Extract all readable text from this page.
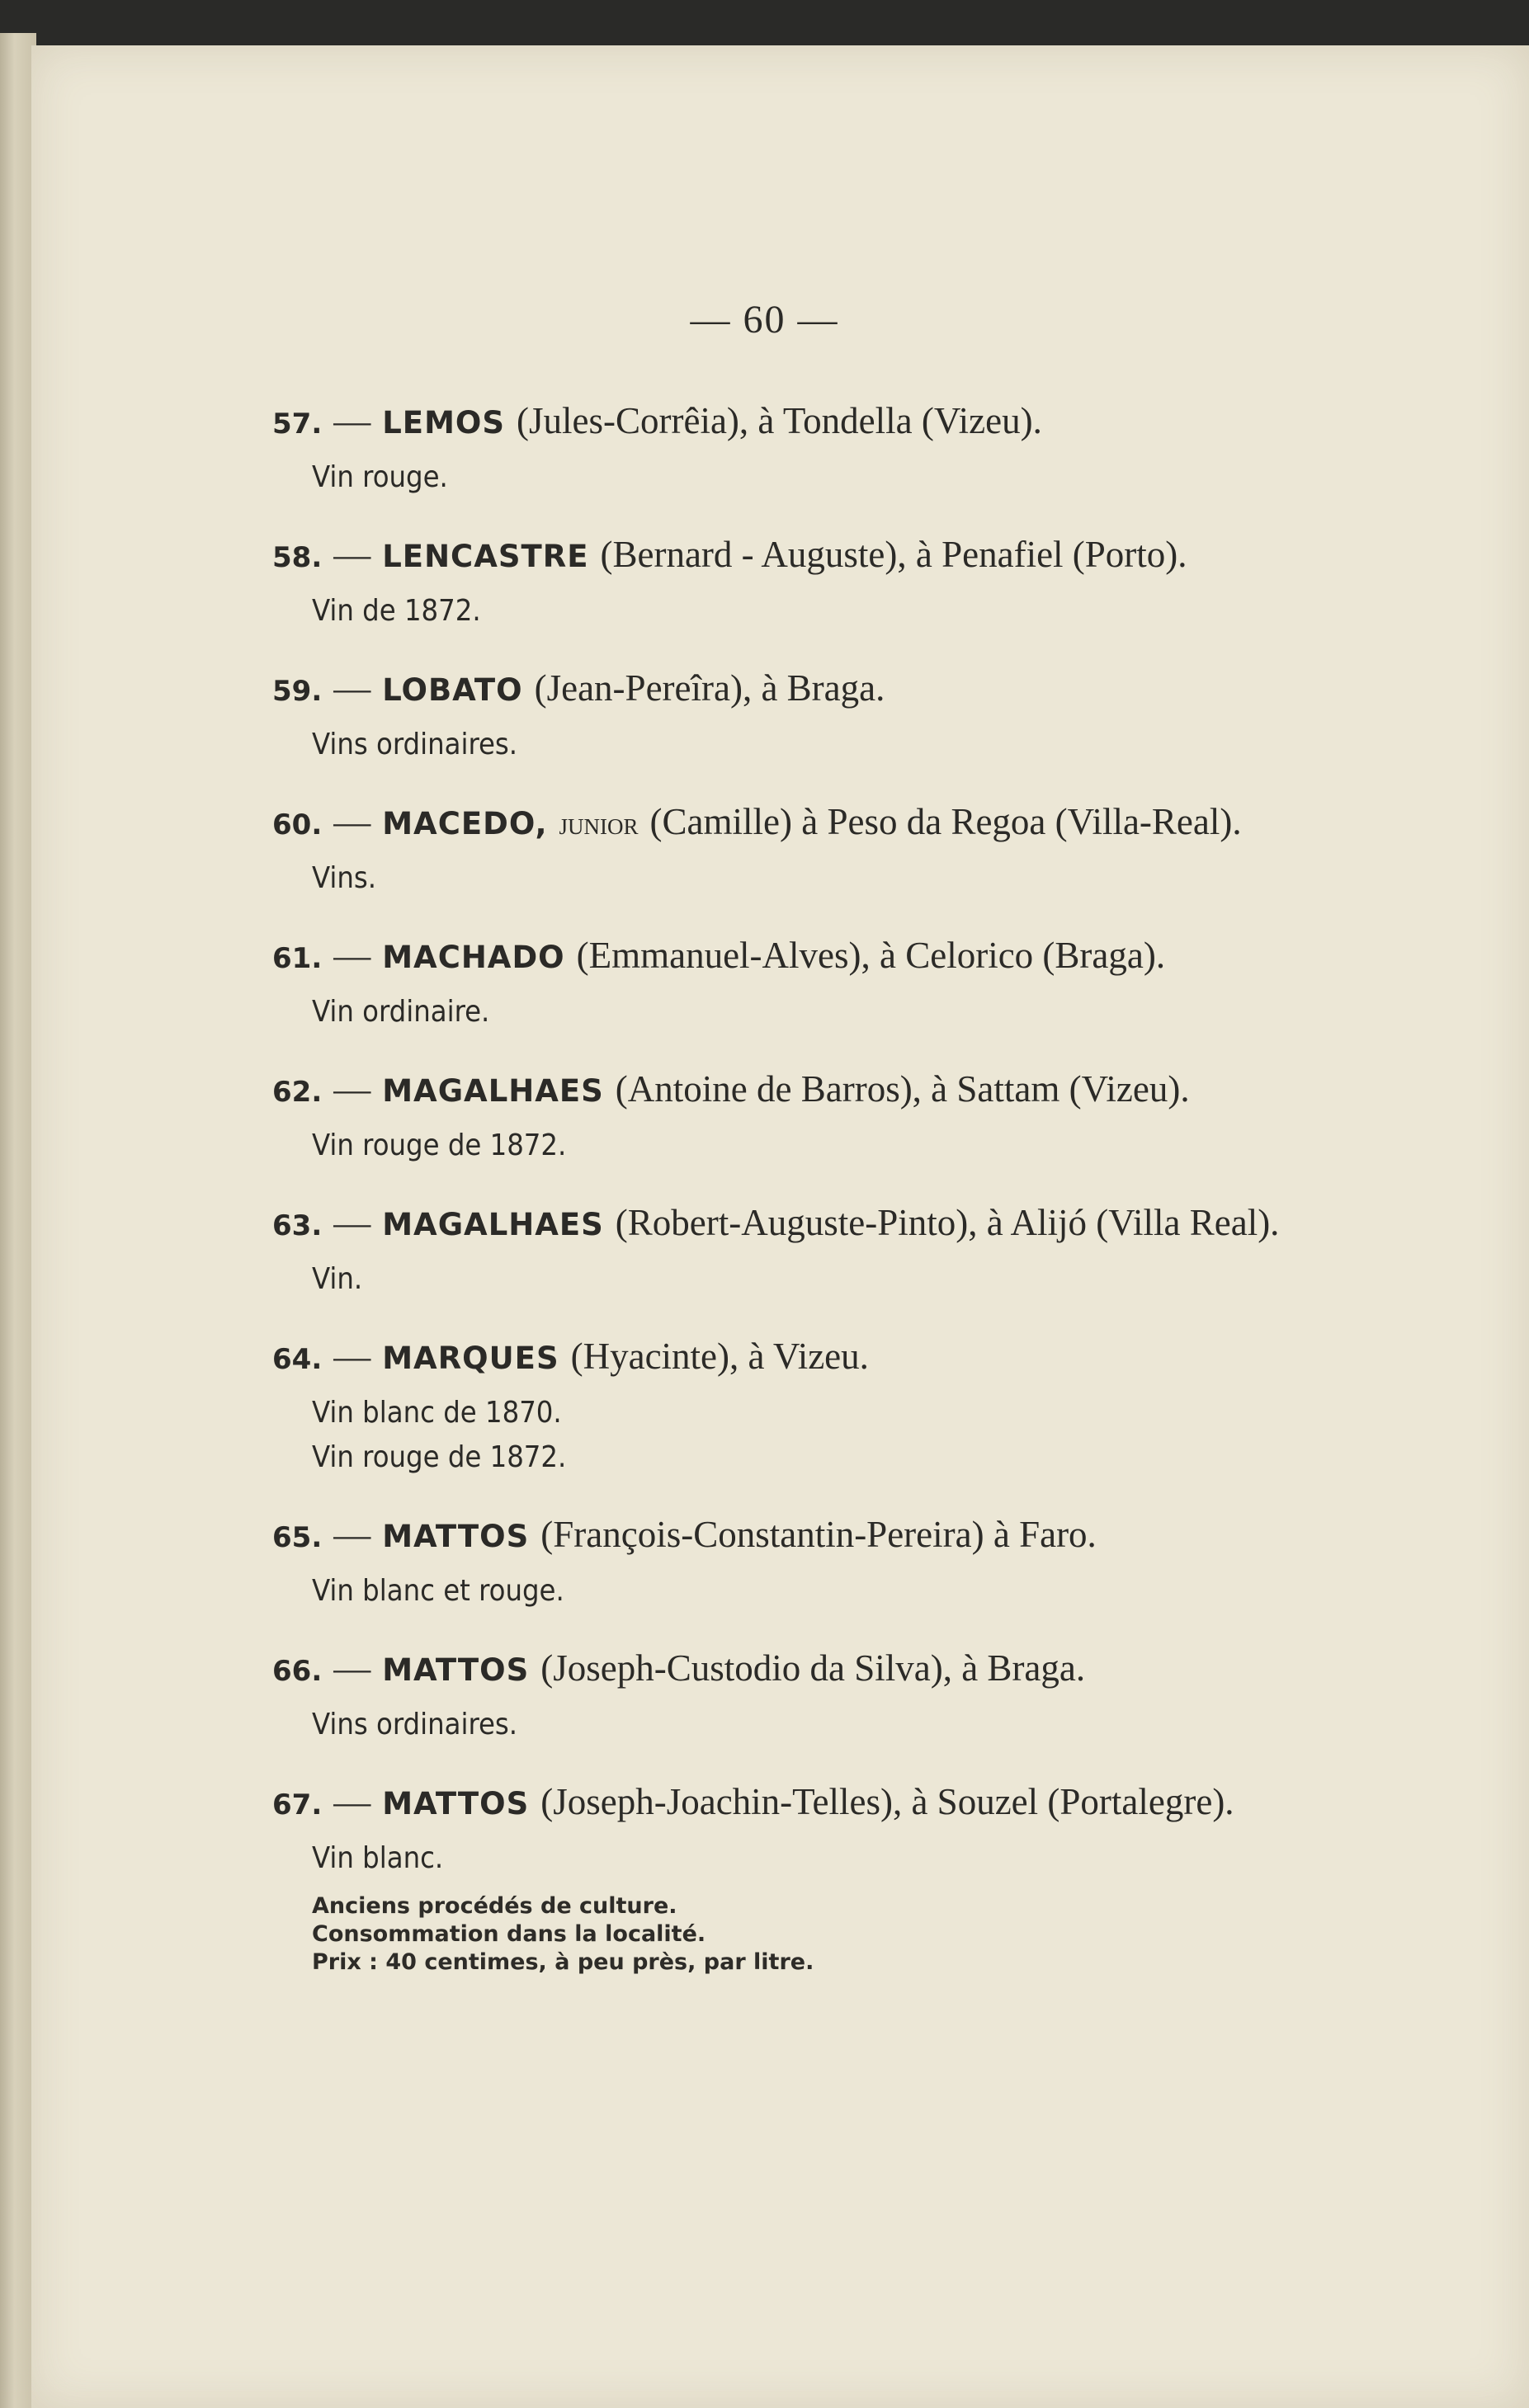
— 60 —
57. — LEMOS (Jules-Corrêia), à Tondella (Vizeu).
Vin rouge.
58. — LENCASTRE (Bernard - Auguste), à Penafiel (Porto).
Vin de 1872.
59. — LOBATO (Jean-Pereîra), à Braga.
Vins ordinaires.
60. — MACEDO, junior (Camille) à Peso da Regoa (Villa-Real).
Vins.
61. — MACHADO (Emmanuel-Alves), à Celorico (Braga).
Vin ordinaire.
62. — MAGALHAES (Antoine de Barros), à Sattam (Vizeu).
Vin rouge de 1872.
63. — MAGALHAES (Robert-Auguste-Pinto), à Alijó (Villa Real).
Vin.
64. — MARQUES (Hyacinte), à Vizeu.
Vin blanc de 1870.
Vin rouge de 1872.
65. — MATTOS (François-Constantin-Pereira) à Faro.
Vin blanc et rouge.
66. — MATTOS (Joseph-Custodio da Silva), à Braga.
Vins ordinaires.
67. — MATTOS (Joseph-Joachin-Telles), à Souzel (Portalegre).
Vin blanc.
Anciens procédés de culture.
Consommation dans la localité.
Prix : 40 centimes, à peu près, par litre.
